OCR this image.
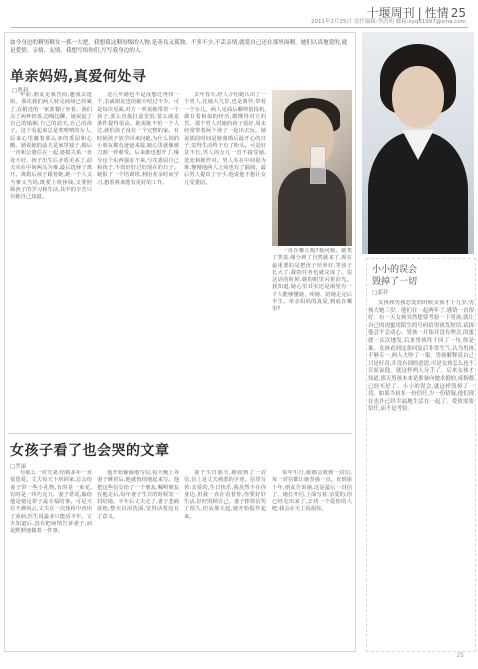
十堰周刊 | 性情 25
2011年2月25日 责任编辑:李洪明 邮箱:syqd1997@sina.com
如今身边的剩男剩女一抓一大把。我想我这剩母级的人物,是善良又孤独。不多不少,不丢亲情,就爱自己还在那里面剩。她们认真地爱的,就是爱情、亲情、友情。我想写给你们,写写我身边的人。
单亲妈妈,真爱何处寻
□曹莉

年前,朋友见我苦闷,邀我去逛街。那次我们两人转完商场已经累了,在附近的一家茶餐厅坐着。我们点了两杯奶茶,边喝边聊。她说起了自己的婚姻,自己的前夫,自己的孩子。这个看起来总是笑嘻嘻的女人,原来心里藏着那么多的委屈和心酸。她说她的前夫是家里独子,婚后一直和公婆住在一起,婆媳关系一直处不好。孩子出生后矛盾更多了,前夫夹在中间两头为难,最后选择了离开。离婚后孩子跟着她,她一个人又当爹又当妈,既要上班挣钱,又要照顾孩子的学习和生活,其中的辛苦只有她自己知道。

这几年她也不是没想过再找一个,亲戚朋友也给她介绍过不少。可是每次见面,对方一听说她带着一个孩子,要么直接打退堂鼓,要么就是条件提得很高。她说她不怕一个人过,就怕孩子没有一个完整的家。有时候孩子放学回来问她,为什么别的小朋友都有爸爸来接,她心里就像被刀割一样难受。后来她也想开了,缘分这个东西强求不来,与其委屈自己和孩子,不如好好过好现在的日子。她报了一个培训班,利用业余时间学习,想着将来能有更好的工作。

去年春天,经人介绍她认识了一个男人,比她大几岁,也是离异,带着一个女儿。两人见面后聊得很投机,都有着相似的经历,都懂得对方的苦。那个男人对她的孩子很好,周末经常带着两个孩子一起出去玩。她说那段时间是她离婚后最开心的日子,觉得生活终于有了盼头。可是好景不长,男人的女儿一直不接受她,处处和她作对。男人夹在中间很为难,慢慢地两人之间也有了隔阂。最后男人提出了分手,他说他不想让女儿受委屈。

一直在哪儿呢?我问她。她笑了笑说,缘分到了自然就来了,现在最重要的是把孩子培养好,等孩子长大了,我的任务也就完成了。说这话的时候,她的眼里闪着泪光。我知道,她心里其实还是渴望有一个人能够懂她、疼她、陪她走完后半生。单亲妈妈的真爱,到底在哪里?

女孩子看了也会哭的文章
□罗丽

有那么一对夫妻,结婚多年一直很恩爱。丈夫每天下班回家,总会给妻子带一些小礼物,有时是一束花,有时是一块巧克力。妻子常说,嫁给他是她这辈子最幸福的事。可是天有不测风云,丈夫在一次体检中查出了重病,医生说最多只能活半年。丈夫知道后,没有把病情告诉妻子,而是默默地做着一件事。

他开始偷偷地写信,每天晚上等妻子睡着后,他就悄悄地起来写。他把这些信交给了一个朋友,嘱咐朋友在他走后,每年妻子生日的时候寄一封给她。半年后丈夫走了,妻子悲痛欲绝,整天以泪洗面,觉得活着没有了意义。

妻子生日那天,她收到了一封信,信上是丈夫熟悉的字迹。信里写着:亲爱的,生日快乐,我虽然不在你身边,但我一直在看着你,你要好好生活,好好照顾自己。妻子捧着信哭了很久,但从那天起,她开始振作起来。

每年生日,她都会收到一封信,每一封信都让她坚强一点。直到第十年,朋友告诉她,这是最后一封信了。她打开信,上面写着:亲爱的,你已经走出来了,去找一个爱你的人吧,我会在天上祝福你。

小小的误会
毁掉了一切
□邵菲

女孩和男孩恋爱的时候女孩才十九岁,男孩大她三岁。他们在一起两年了,感情一直很好。有一天女孩突然想要考验一下男孩,就让自己的闺蜜用陌生的号码给男孩发短信,试探他会不会动心。男孩一开始并没有理会,闺蜜就一次次地发,后来男孩终于回了一句,你是谁。女孩看到这条回复后非常生气,认为男孩不够专一,两人大吵了一架。男孩解释说自己只是好奇,并没有别的意思,可是女孩怎么也不肯原谅他。就这样两人分手了。后来女孩才知道,那天男孩本来是准备向她求婚的,戒指都已经买好了。小小的误会,就这样毁掉了一切。如果当初多一份信任,少一份猜疑,他们现在也许已经幸福地生活在一起了。爱情需要信任,而不是考验。

25
